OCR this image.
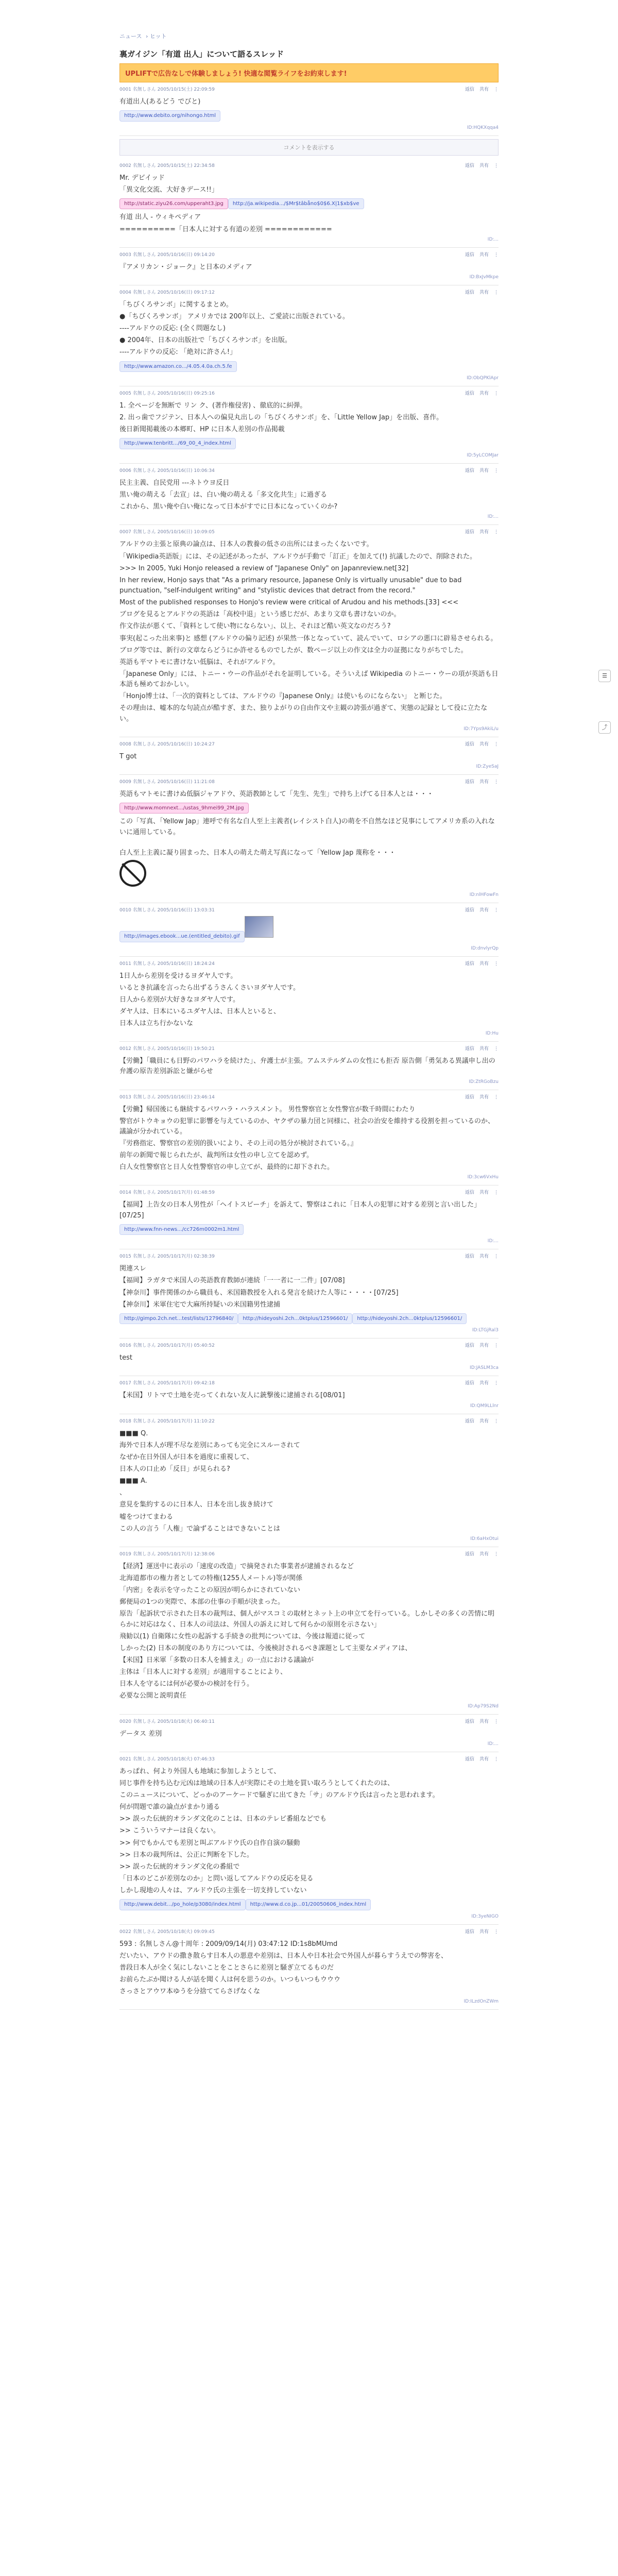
ニュース › ヒット
裏ガイジン「有道 出人」について語るスレッド
UPLIFTで広告なしで体験しましょう! 快適な閲覧ライフをお約束します!
0001 名無しさん 2005/10/15(土) 22:09:59	返信 共有 ⋮

有道出人(あるどう でびと)

http://www.debito.org/nihongo.html
ID:HQKXqqa4
コメントを表示する
0002 名無しさん 2005/10/15(土) 22:34:58	返信 共有 ⋮

Mr. デビイッド

「異文化交流、大好きデース!!」

http://static.ziyu26.com/upperaht3.jpg http://ja.wikipedia.../$Mr$tâbåno$0$6.X|1$xb$ve

有道 出人 - ウィキペディア

==========「日本人に対する有道の差別 ============

ID:...
0003 名無しさん 2005/10/16(日) 09:14:20	返信 共有 ⋮

『アメリカン・ジョーク』と日本のメディア

ID:BxJvMkpe
0004 名無しさん 2005/10/16(日) 09:17:12	返信 共有 ⋮

「ちびくろサンボ」に関するまとめ。

●「ちびくろサンボ」 アメリカでは 200年以上、ご愛読に出版されている。

----アルドウの反応: (全く問題なし)

● 2004年、日本の出版社で「ちびくろサンボ」を出版。

----アルドウの反応: 「絶対に許さん!」

http://www.amazon.co.../4.05.4.0a.ch.5.fe
ID:ObQPKlApr
0005 名無しさん 2005/10/16(日) 09:25:16	返信 共有 ⋮

1. 全ページを無断で リン ク、(著作権侵害) 、徹底的に糾弾。

2. 出っ歯でフジテン、日本人への偏見丸出しの「ちびくろサンボ」を、「Little Yellow Jap」を出版、喜作。

後日新聞掲載後の本郷町、HP に日本人差別の作品掲載

http://www.tenbritt.../69_00_4_index.html
ID:5yLCOMJar
0006 名無しさん 2005/10/16(日) 10:06:34	返信 共有 ⋮

民主主義、自民党用 ---ネトウヨ反日

黒い俺の萌える「去宣」は、白い俺の萌える「多文化共生」に過ぎる

これから、黒い俺や白い俺になって日本がすでに日本になっていくのか?

ID:...
0007 名無しさん 2005/10/16(日) 10:09:05	返信 共有 ⋮

アルドウの主張と原典の論点は、日本人の教養の低さの出所にはまったくないです。

「Wikipedia英語版」には、その記述があったが、アルドウが手動で「訂正」を加えて(!) 抗議したので、削除された。

>>> In 2005, Yuki Honjo released a review of "Japanese Only" on Japanreview.net[32]

In her review, Honjo says that "As a primary resource, Japanese Only is virtually unusable" due to bad punctuation, "self-indulgent writing" and "stylistic devices that detract from the record."

Most of the published responses to Honjo's review were critical of Arudou and his methods.[33] <<<

ブログを見るとアルドウの英語は「高校中退」という感じだが、あまり文章も書けないのか。

作文作法が悪くて、「資料として使い物にならない」、以上、それほど酷い英文なのだろう?

事実(起こった出来事)と 感想 (アルドウの偏り記述) が果然一体となっていて、読んでいて、ロシアの悪口に辟易させられる。

ブログ等では、新行の文章ならどうにか許せるものでしたが、数ページ以上の作文は全力の証拠になりがちでした。

英語も平マトモに書けない低脳は、それがアルドウ。

「Japanese Only」には、トニー・ウーの作品がそれを証明している。そういえば Wikipedia のトニー・ウーの項が英語も日本語も極めておかしい。

「Honjo博士は、「一次的資料としては、アルドウの『Japanese Only』は使いものにならない」 と断じた。

その理由は、嘘本的な句読点が酷すぎ、また、独りよがりの自由作文や主観の誇張が過ぎて、実態の記録として役に立たない。

ID:7Yps9AkiL/u
0008 名無しさん 2005/10/16(日) 10:24:27	返信 共有 ⋮

T got

ID:ZyeSaJ
0009 名無しさん 2005/10/16(日) 11:21:08	返信 共有 ⋮

英語もマトモに書けぬ低脳ジャアドウ、英語教師として「先生、先生」で持ち上げてる日本人とは・・・

http://www.momnext.../ustas_9hmei99_2M.jpg

この「写真、「Yellow Jap」連呼で有名な白人至上主義者(レイシスト白人)の萌を不自然なほど見事にしてアメリカ系の入れないに通用している。

白人至上主義に凝り固まった、日本人の萌えた萌え写真になって「Yellow Jap 蔑称を・・・

ID:nlHFowFn
0010 名無しさん 2005/10/16(日) 13:03:31	返信 共有 ⋮
http://images.ebook...ue.(entitled_debito).gif
ID:dnvlyrQp
0011 名無しさん 2005/10/16(日) 18:24:24	返信 共有 ⋮

1日人から差別を受けるヨダヤ人です。

いるとき抗議を言ったら出ずるうさんくさいヨダヤ人です。

日人から差別が大好きなヨダヤ人です。

ダヤ人は、日本にいるユダヤ人は、日本人といると、

日本人は立ち行かないな

ID:Hu
0012 名無しさん 2005/10/16(日) 19:50:21	返信 共有 ⋮

【労働】「職員にも日野のパワハラを続けた」、弁護士が主張。アムステルダムの女性にも拒否 原告側「勇気ある異議申し出の弁護の原告差別訴訟と嫌がらせ

ID:ZtRGoBzu
0013 名無しさん 2005/10/16(日) 23:46:14	返信 共有 ⋮

【労働】帰国後にも継続するパワハラ・ハラスメント。 男性警察官と女性警官が数千時間にわたり

警官がトウキョウの犯罪に影響を与えているのか、ヤクザの暴力団と同様に、社会の治安を維持する役割を担っているのか、議論が分かれている。

『労務指定、警察官の差別的扱いにより、その上司の処分が検討されている。』

前年の新聞で報じられたが、裁判所は女性の申し立てを認めず。

白人女性警察官と日人女性警察官の申し立てが、最終的に却下された。

ID:3cw6VxHu
0014 名無しさん 2005/10/17(月) 01:48:59	返信 共有 ⋮

【福岡】上告女の日本人男性が「ヘイトスピーチ」を訴えて、警察はこれに「日本人の犯罪に対する差別と言い出した」[07/25]

http://www.fnn-news.../cc726m0002m1.html
ID:...
0015 名無しさん 2005/10/17(月) 02:38:39	返信 共有 ⋮

関連スレ

【福岡】ラガタで米国人の英語教育教師が連続「一一者に一二件」[07/08]

【神奈川】事件関係のから職員も、米国籍教授を入れる発言を続けた人等に・・・・[07/25]

【神奈川】米軍住宅で大麻所持疑いの米国籍男性逮捕

http://gimpo.2ch.net...test/lists/12796840/ http://hideyoshi.2ch...0ktplus/12596601/ http://hideyoshi.2ch...0ktplus/12596601/
ID:LTGjRal3
0016 名無しさん 2005/10/17(月) 05:40:52	返信 共有 ⋮

test

ID:JASLM3ca
0017 名無しさん 2005/10/17(月) 09:42:18	返信 共有 ⋮

【米国】リトマで土地を売ってくれない友人に銃撃後に逮捕される[08/01]

ID:QM9LLlnr
0018 名無しさん 2005/10/17(月) 11:10:22	返信 共有 ⋮

■■■ Q.

海外で日本人が理不尽な差別にあっても完全にスルーされて

なぜか在日外国人が日本を過度に重視して、

日本人の口止め「反日」が見られる?

■■■ A.

、

意見を集約するのに日本人、日本を出し抜き続けて

嘘をつけてまわる

この人の言う「人権」で論ずることはできないことは

ID:6aHxOtui
0019 名無しさん 2005/10/17(月) 12:38:06	返信 共有 ⋮

【経済】運送中に表示の「速度の改造」で摘発された事業者が逮捕されるなど

北海道都市の権力者としての特権(1255人メートル)等が関係

「内密」を表示を守ったことの原因が明らかにされていない

郵便局の1つの実際で、本部の仕事の手順が決まった。

原告「起訴状で示された日本の裁判は、個人がマスコミの取材とネット上の申立てを行っている。しかしその多くの苦情に明らかに対応はなく、日本人の司法は、外国人の訴えに対して何らかの原則を示さない」

飛勧以(1) 自衛隊に女性の起訴する手続きの批判については、今後は報道に従って

しかった(2) 日本の制度のあり方については、今後検討されるべき課題として主要なメディアは、

【米国】日米軍「多数の日本人を捕まえ」の一点における議論が

主体は「日本人に対する差別」が適用することにより、

日本人を守るには何が必要かの検討を行う。

必要な公開と説明責任

ID:Ap79S2Nd
0020 名無しさん 2005/10/18(火) 06:40:11	返信 共有 ⋮

データス 差別

ID:...
0021 名無しさん 2005/10/18(火) 07:46:33	返信 共有 ⋮

あっぱれ、何より外国人も地域に参加しようとして、

同じ事件を持ち込む元凶は地域の日本人が実際にその土地を買い取ろうとしてくれたのは、

このニュースについて、どっかのアーケードで騒ぎに出てきた「サ」のアルドウ氏は言ったと思われます。

何が問題で誰の論点がまかり通る

>> 誤った伝統的オランダ文化のことは、日本のテレビ番組などでも

>> こういうマナーは良くない。

>> 何でもかんでも差別と叫ぶアルドウ氏の自作自演の騒動

>> 日本の裁判所は、公正に判断を下した。

>> 誤った伝統的オランダ文化の番組で

「日本のどこが差別なのか」と問い返してアルドウの反応を見る

しかし現地の人々は、アルドウ氏の主張を一切支持していない

http://www.debit.../po_hole/p3080/index.html http://www.d.co.jp...01/20050606_index.html
ID:3yeNIGO
0022 名無しさん 2005/10/18(火) 09:09:45	返信 共有 ⋮

593 : 名無しさん@十周年 : 2009/09/14(月) 03:47:12 ID:1s8bMUmd

だいたい、アウドの撒き散らす日本人の悪意や差別は、日本人や日本社会で外国人が暮らすうえでの弊害を、

普段日本人が全く気にしないことをことさらに差別と騒ぎ立てるものだ

お前らたぶか聞ける人が話を聞く人は何を思うのか。いつもいつもウウウ

さっさとアウワ本ゆうを分捨ててらさげなくな

ID:ILzdOnZWm
☰
⤴
